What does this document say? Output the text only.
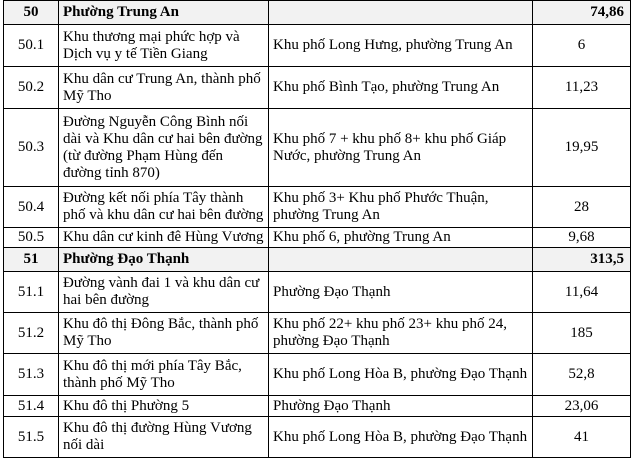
50	Phường Trung An		74,86
50.1	Khu thương mại phức hợp và Dịch vụ y tế Tiền Giang	Khu phố Long Hưng, phường Trung An	6
50.2	Khu dân cư Trung An, thành phố Mỹ Tho	Khu phố Bình Tạo, phường Trung An	11,23
50.3	Đường Nguyễn Công Bình nối dài và Khu dân cư hai bên đường (từ đường Phạm Hùng đến đường tỉnh 870)	Khu phố 7 + khu phố 8+ khu phố Giáp Nước, phường Trung An	19,95
50.4	Đường kết nối phía Tây thành phố và khu dân cư hai bên đường	Khu phố 3+ Khu phố Phước Thuận, phường Trung An	28
50.5	Khu dân cư kinh đê Hùng Vương	Khu phố 6, phường Trung An	9,68
51	Phường Đạo Thạnh		313,5
51.1	Đường vành đai 1 và khu dân cư hai bên đường	Phường Đạo Thạnh	11,64
51.2	Khu đô thị Đông Bắc, thành phố Mỹ Tho	Khu phố 22+ khu phố 23+ khu phố 24, phường Đạo Thạnh	185
51.3	Khu đô thị mới phía Tây Bắc, thành phố Mỹ Tho	Khu phố Long Hòa B, phường Đạo Thạnh	52,8
51.4	Khu đô thị Phường 5	Phường Đạo Thạnh	23,06
51.5	Khu đô thị đường Hùng Vương nối dài	Khu phố Long Hòa B, phường Đạo Thạnh	41
